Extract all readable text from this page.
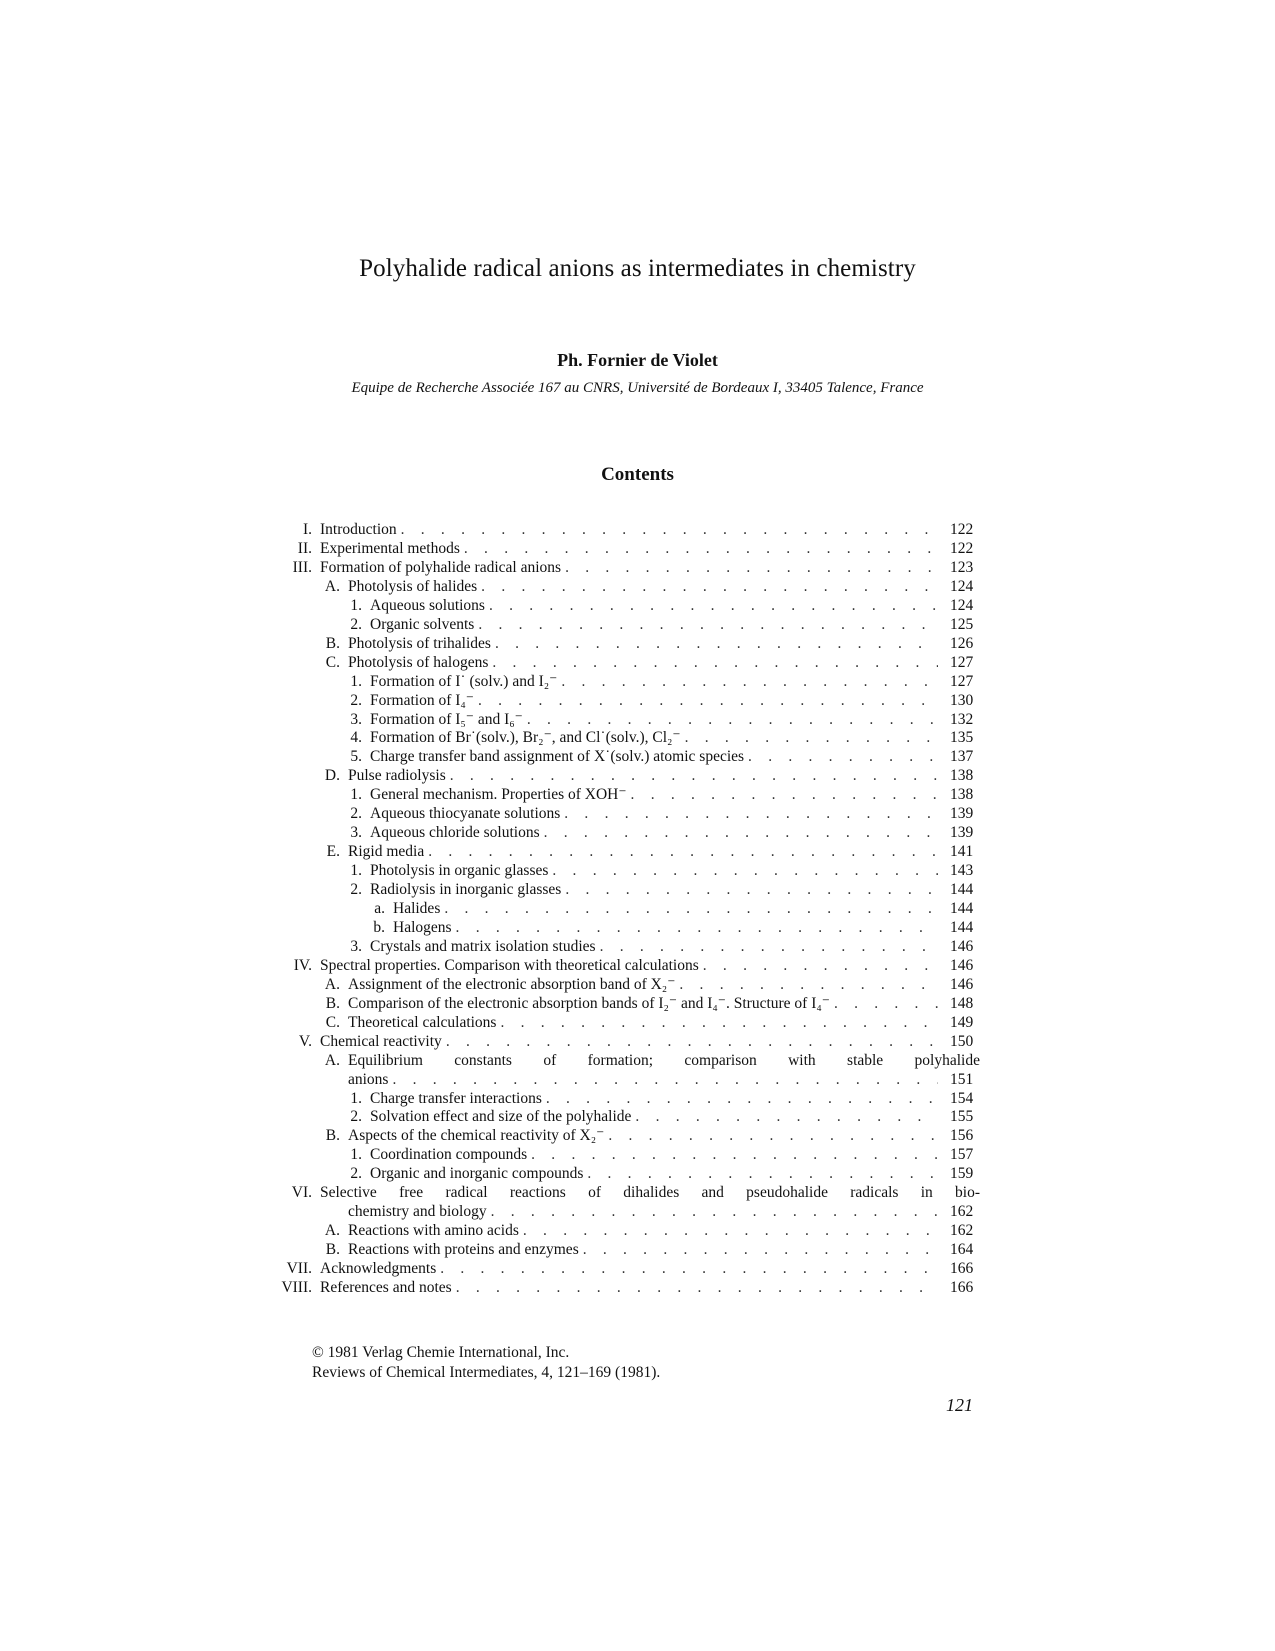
Polyhalide radical anions as intermediates in chemistry
Ph. Fornier de Violet
Equipe de Recherche Associée 167 au CNRS, Université de Bordeaux I, 33405 Talence, France
Contents
I. Introduction . . .	122
II. Experimental methods . . .	122
III. Formation of polyhalide radical anions . . .	123
A. Photolysis of halides . . .	124
1. Aqueous solutions . . .	124
2. Organic solvents . . .	125
B. Photolysis of trihalides . . .	126
C. Photolysis of halogens . . .	127
1. Formation of I˙ (solv.) and I₂⁻ . . .	127
2. Formation of I₄⁻ . . .	130
3. Formation of I₅⁻ and I₆⁻ . . .	132
4. Formation of Br˙(solv.), Br₂⁻, and Cl˙(solv.), Cl₂⁻ . . .	135
5. Charge transfer band assignment of X˙(solv.) atomic species . . .	137
D. Pulse radiolysis . . .	138
1. General mechanism. Properties of XOH⁻ . . .	138
2. Aqueous thiocyanate solutions . . .	139
3. Aqueous chloride solutions . . .	139
E. Rigid media . . .	141
1. Photolysis in organic glasses . . .	143
2. Radiolysis in inorganic glasses . . .	144
a. Halides . . .	144
b. Halogens . . .	144
3. Crystals and matrix isolation studies . . .	146
IV. Spectral properties. Comparison with theoretical calculations . . .	146
A. Assignment of the electronic absorption band of X₂⁻ . . .	146
B. Comparison of the electronic absorption bands of I₂⁻ and I₄⁻. Structure of I₄⁻ . . .	148
C. Theoretical calculations . . .	149
V. Chemical reactivity . . .	150
A. Equilibrium constants of formation; comparison with stable polyhalide
anions . . .	151
1. Charge transfer interactions . . .	154
2. Solvation effect and size of the polyhalide . . .	155
B. Aspects of the chemical reactivity of X₂⁻ . . .	156
1. Coordination compounds . . .	157
2. Organic and inorganic compounds . . .	159
VI. Selective free radical reactions of dihalides and pseudohalide radicals in bio-
chemistry and biology . . .	162
A. Reactions with amino acids . . .	162
B. Reactions with proteins and enzymes . . .	164
VII. Acknowledgments . . .	166
VIII. References and notes . . .	166
© 1981 Verlag Chemie International, Inc.
Reviews of Chemical Intermediates, 4, 121–169 (1981).
121
